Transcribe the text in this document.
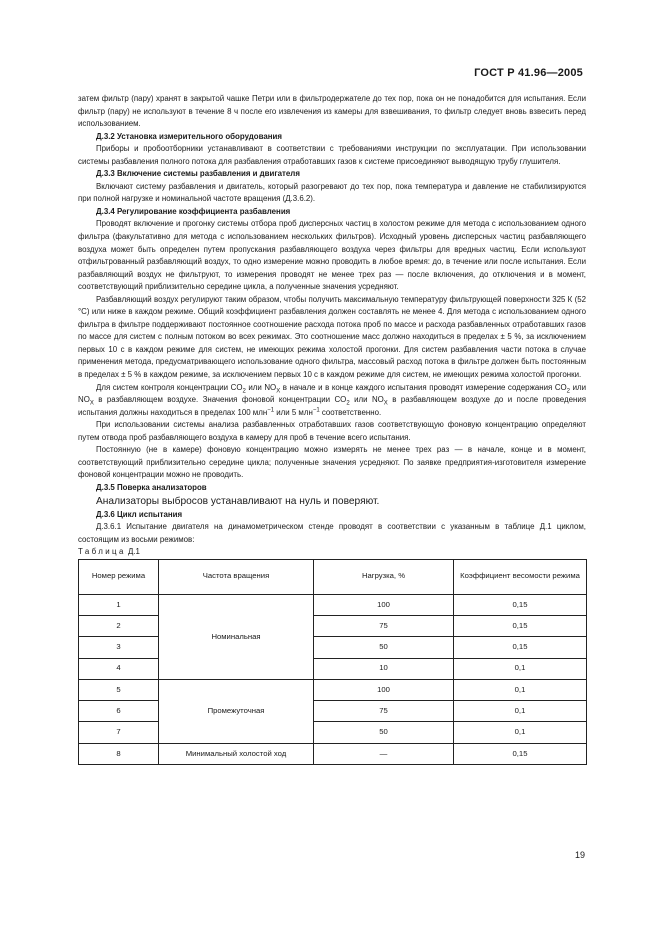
ГОСТ Р 41.96—2005

затем фильтр (пару) хранят в закрытой чашке Петри или в фильтродержателе до тех пор, пока он не понадобится для испытания. Если фильтр (пару) не используют в течение 8 ч после его извлечения из камеры для взвешивания, то фильтр следует вновь взвесить перед использованием.

Д.3.2 Установка измерительного оборудования

Приборы и пробоотборники устанавливают в соответствии с требованиями инструкции по эксплуатации. При использовании системы разбавления полного потока для разбавления отработавших газов к системе присоединяют выводящую трубу глушителя.

Д.3.3 Включение системы разбавления и двигателя

Включают систему разбавления и двигатель, который разогревают до тех пор, пока температура и давление не стабилизируются при полной нагрузке и номинальной частоте вращения (Д.3.6.2).

Д.3.4 Регулирование коэффициента разбавления

Проводят включение и прогонку системы отбора проб дисперсных частиц в холостом режиме для метода с использованием одного фильтра (факультативно для метода с использованием нескольких фильтров). Исходный уровень дисперсных частиц разбавляющего воздуха может быть определен путем пропускания разбавляющего воздуха через фильтры для вредных частиц. Если используют отфильтрованный разбавляющий воздух, то одно измерение можно проводить в любое время: до, в течение или после испытания. Если разбавляющий воздух не фильтруют, то измерения проводят не менее трех раз — после включения, до отключения и в момент, соответствующий приблизительно середине цикла, а полученные значения усредняют.

Разбавляющий воздух регулируют таким образом, чтобы получить максимальную температуру фильтрующей поверхности 325 К (52 °С) или ниже в каждом режиме. Общий коэффициент разбавления должен составлять не менее 4. Для метода с использованием одного фильтра в фильтре поддерживают постоянное соотношение расхода потока проб по массе и расхода разбавленных отработавших газов по массе для систем с полным потоком во всех режимах. Это соотношение масс должно находиться в пределах ± 5 %, за исключением первых 10 с в каждом режиме для систем, не имеющих режима холостой прогонки. Для систем разбавления части потока в случае применения метода, предусматривающего использование одного фильтра, массовый расход потока в фильтре должен быть постоянным в пределах ± 5 % в каждом режиме, за исключением первых 10 с в каждом режиме для систем, не имеющих режима холостой прогонки.

Для систем контроля концентрации $CO_2$ или $NO_X$ в начале и в конце каждого испытания проводят измерение содержания $CO_2$ или $NO_X$ в разбавляющем воздухе. Значения фоновой концентрации $CO_2$ или $NO_X$ в разбавляющем воздухе до и после проведения испытания должны находиться в пределах 100 млн$^{-1}$ или 5 млн$^{-1}$ соответственно.

При использовании системы анализа разбавленных отработавших газов соответствующую фоновую концентрацию определяют путем отвода проб разбавляющего воздуха в камеру для проб в течение всего испытания.

Постоянную (не в камере) фоновую концентрацию можно измерять не менее трех раз — в начале, конце и в момент, соответствующий приблизительно середине цикла; полученные значения усредняют. По заявке предприятия-изготовителя измерение фоновой концентрации можно не проводить.

Д.3.5 Поверка анализаторов

Анализаторы выбросов устанавливают на нуль и поверяют.

Д.3.6 Цикл испытания

Д.3.6.1 Испытание двигателя на динамометрическом стенде проводят в соответствии с указанным в таблице Д.1 циклом, состоящим из восьми режимов:

Таблица Д.1

Номер режима	Частота вращения	Нагрузка, %	Коэффициент весомости режима
1	Номинальная	100	0,15
2		75	0,15
3		50	0,15
4		10	0,1
5	Промежуточная	100	0,1
6		75	0,1
7		50	0,1
8	Минимальный холостой ход	—	0,15
19
